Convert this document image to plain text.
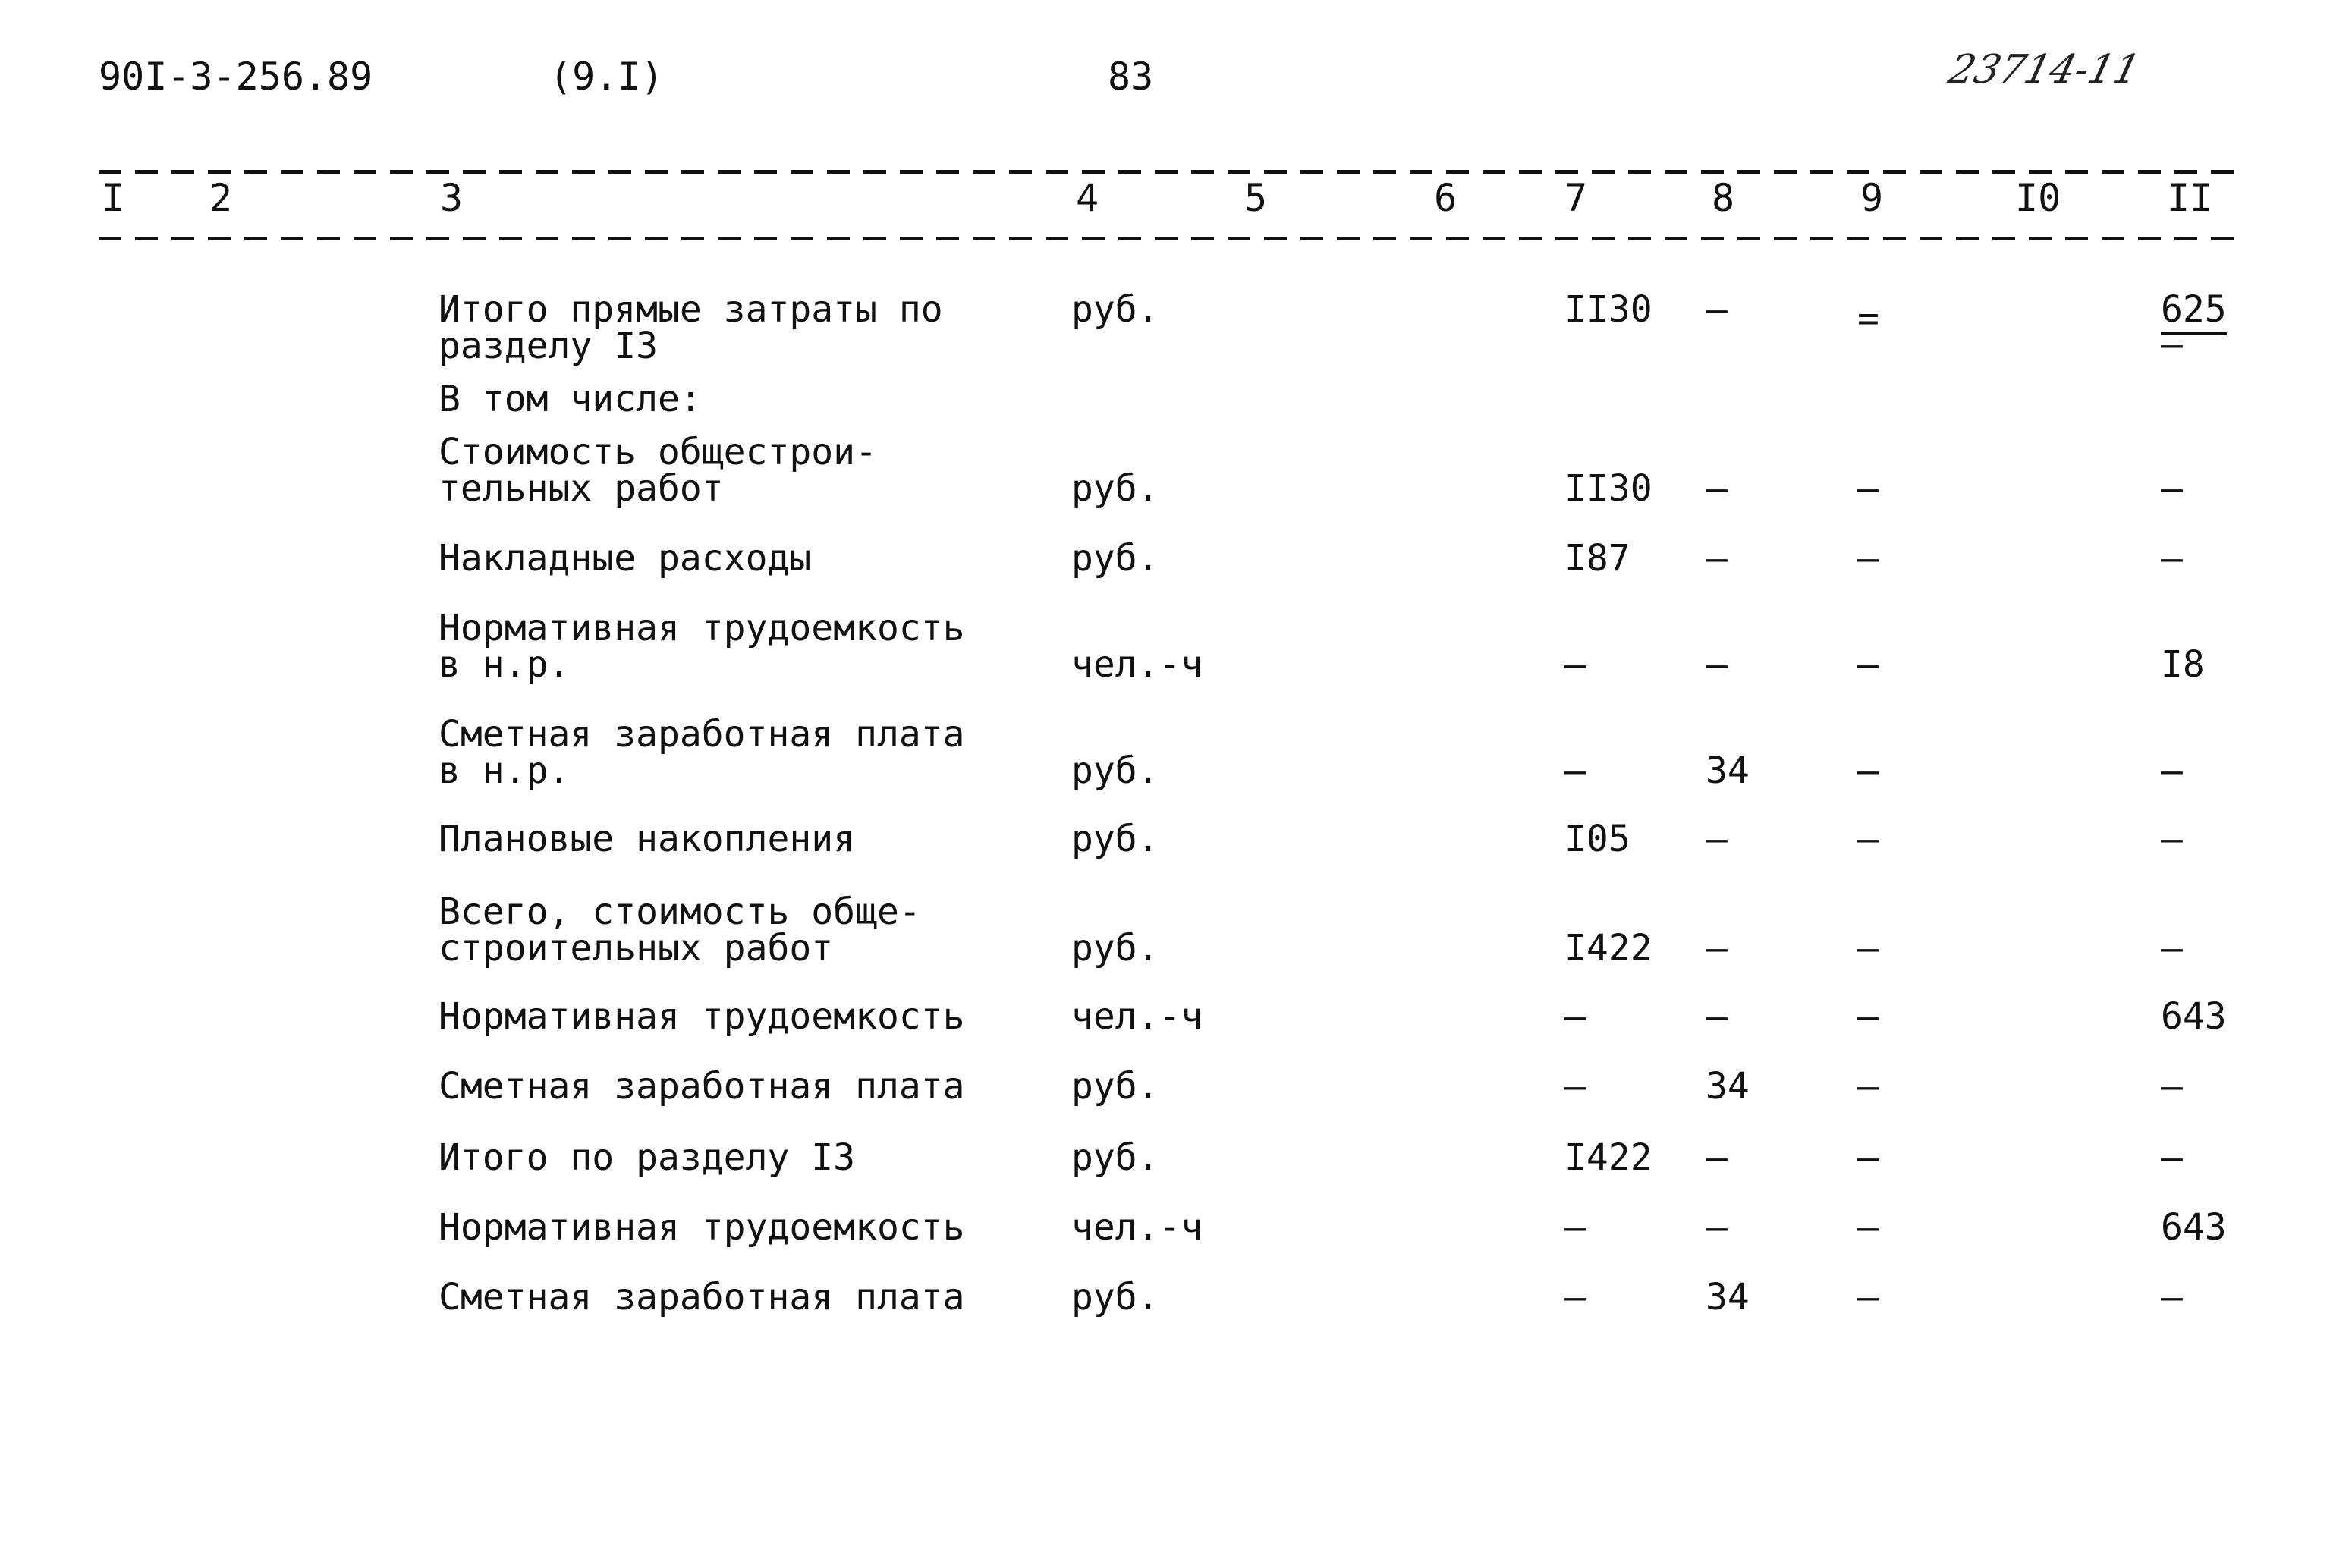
90I-3-256.89	(9.I)	83	23714-11
I 2	3	4	5	6	7	8	9	I0	II
Итого прямые затраты по
разделу I3
руб.	II30 –	=	625
–
В том числе:
Стоимость общестрои-
тельных работ	руб.	II30 –	–	–
Накладные расходы	руб.	I87 –	–	–
Нормативная трудоемкость
в н.р.	чел.-ч	–	–	–	I8
Сметная заработная плата
в н.р.	руб.	–	34	–	–
Плановые накопления	руб.	I05 –	–	–
Всего, стоимость обще-
строительных работ	руб.	I422 –	–	–
Нормативная трудоемкость	чел.-ч	–	–	–	643
Сметная заработная плата	руб.	–	34	–	–
Итого по разделу I3	руб.	I422 –	–	–
Нормативная трудоемкость	чел.-ч	–	–	–	643
Сметная заработная плата	руб.	–	34	–	–
